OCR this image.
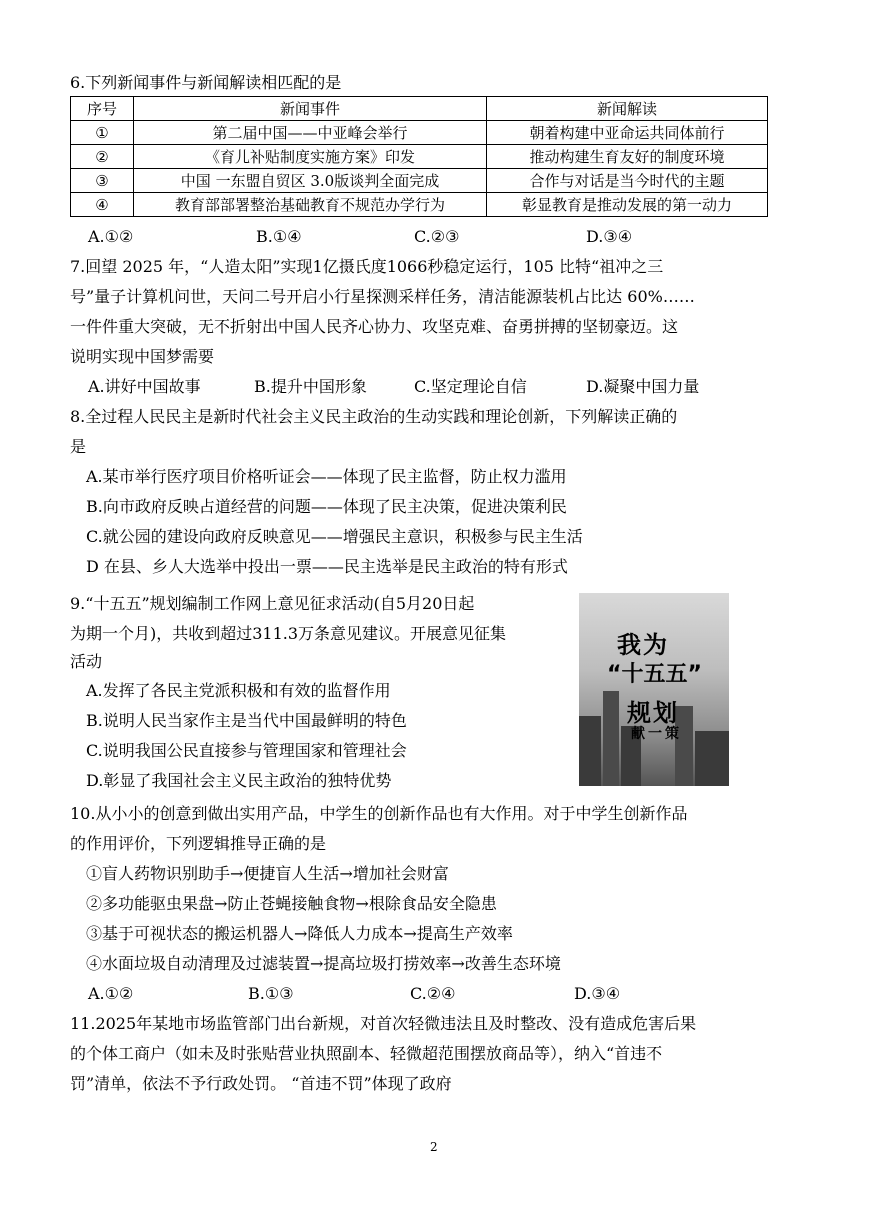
6.下列新闻事件与新闻解读相匹配的是
序号	新闻事件	新闻解读
①	第二届中国——中亚峰会举行	朝着构建中亚命运共同体前行
②	《育儿补贴制度实施方案》印发	推动构建生育友好的制度环境
③	中国 一东盟自贸区 3.0版谈判全面完成	合作与对话是当今时代的主题
④	教育部部署整治基础教育不规范办学行为	彰显教育是推动发展的第一动力
A.①②	B.①④	C.②③	D.③④
7.回望 2025 年，“人造太阳”实现1亿摄氏度1066秒稳定运行，105 比特“祖冲之三
号”量子计算机问世，天问二号开启小行星探测采样任务，清洁能源装机占比达 60%……
一件件重大突破，无不折射出中国人民齐心协力、攻坚克难、奋勇拼搏的坚韧豪迈。这
说明实现中国梦需要
A.讲好中国故事	B.提升中国形象	C.坚定理论自信	D.凝聚中国力量
8.全过程人民民主是新时代社会主义民主政治的生动实践和理论创新，下列解读正确的
是
A.某市举行医疗项目价格听证会——体现了民主监督，防止权力滥用
B.向市政府反映占道经营的问题——体现了民主决策，促进决策利民
C.就公园的建设向政府反映意见——增强民主意识，积极参与民主生活
D 在县、乡人大选举中投出一票——民主选举是民主政治的特有形式
9.“十五五”规划编制工作网上意见征求活动(自5月20日起
为期一个月)，共收到超过311.3万条意见建议。开展意见征集
活动
A.发挥了各民主党派积极和有效的监督作用
B.说明人民当家作主是当代中国最鲜明的特色
C.说明我国公民直接参与管理国家和管理社会
D.彰显了我国社会主义民主政治的独特优势
我为
“十五五”
规划
献一策
10.从小小的创意到做出实用产品，中学生的创新作品也有大作用。对于中学生创新作品
的作用评价，下列逻辑推导正确的是
①盲人药物识别助手→便捷盲人生活→增加社会财富
②多功能驱虫果盘→防止苍蝇接触食物→根除食品安全隐患
③基于可视状态的搬运机器人→降低人力成本→提高生产效率
④水面垃圾自动清理及过滤装置→提高垃圾打捞效率→改善生态环境
A.①②	B.①③	C.②④	D.③④
11.2025年某地市场监管部门出台新规，对首次轻微违法且及时整改、没有造成危害后果
的个体工商户（如未及时张贴营业执照副本、轻微超范围摆放商品等），纳入“首违不
罚”清单，依法不予行政处罚。 “首违不罚”体现了政府
2
